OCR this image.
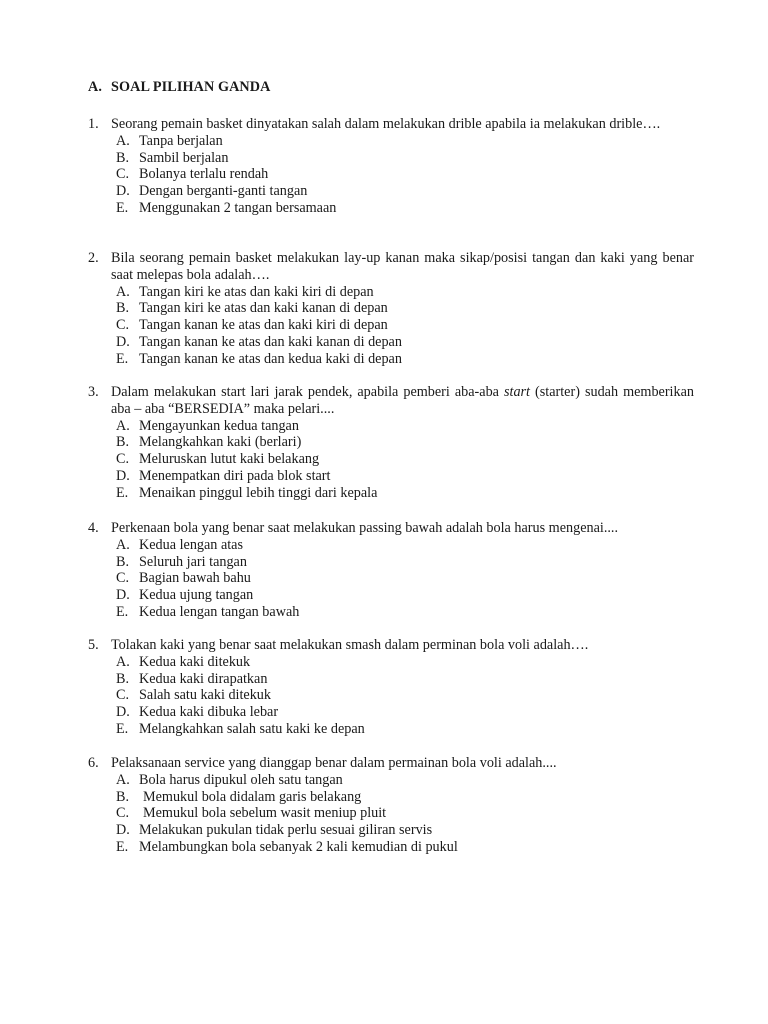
A. SOAL PILIHAN GANDA
1. Seorang pemain basket dinyatakan salah dalam melakukan drible apabila ia melakukan drible….
A. Tanpa berjalan
B. Sambil berjalan
C. Bolanya terlalu rendah
D. Dengan berganti-ganti tangan
E. Menggunakan 2 tangan bersamaan
2. Bila seorang pemain basket melakukan lay-up kanan maka sikap/posisi tangan dan kaki yang benar saat melepas bola adalah….
A. Tangan kiri ke atas dan kaki kiri di depan
B. Tangan kiri ke atas dan kaki kanan di depan
C. Tangan kanan ke atas dan kaki kiri di depan
D. Tangan kanan ke atas dan kaki kanan di depan
E. Tangan kanan ke atas dan kedua kaki di depan
3. Dalam melakukan start lari jarak pendek, apabila pemberi aba-aba start (starter) sudah memberikan aba – aba “BERSEDIA” maka pelari....
A. Mengayunkan kedua tangan
B. Melangkahkan kaki (berlari)
C. Meluruskan lutut kaki belakang
D. Menempatkan diri pada blok start
E. Menaikan pinggul lebih tinggi dari kepala
4. Perkenaan bola yang benar saat melakukan passing bawah adalah bola harus mengenai....
A. Kedua lengan atas
B. Seluruh jari tangan
C. Bagian bawah bahu
D. Kedua ujung tangan
E. Kedua lengan tangan bawah
5. Tolakan kaki yang benar saat melakukan smash dalam perminan bola voli adalah….
A. Kedua kaki ditekuk
B. Kedua kaki dirapatkan
C. Salah satu kaki ditekuk
D. Kedua kaki dibuka lebar
E. Melangkahkan salah satu kaki ke depan
6. Pelaksanaan service yang dianggap benar dalam permainan bola voli adalah....
A. Bola harus dipukul oleh satu tangan
B. Memukul bola didalam garis belakang
C. Memukul bola sebelum wasit meniup pluit
D. Melakukan pukulan tidak perlu sesuai giliran servis
E. Melambungkan bola sebanyak 2 kali kemudian di pukul
